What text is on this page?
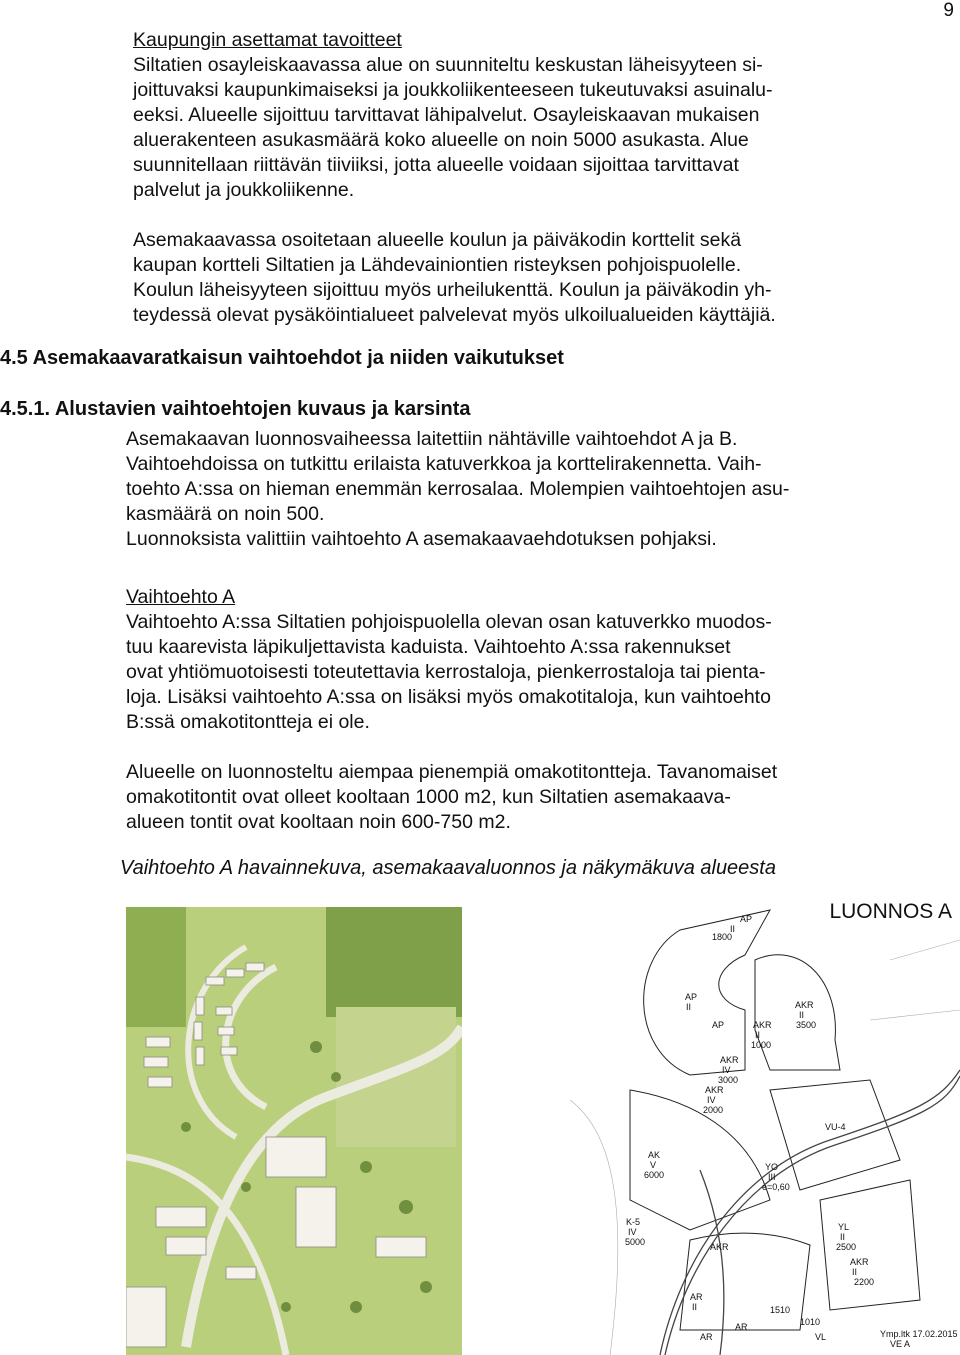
9
Kaupungin asettamat tavoitteet
Siltatien osayleiskaavassa alue on suunniteltu keskustan läheisyyteen si-
joittuvaksi kaupunkimaiseksi ja joukkoliikenteeseen tukeutuvaksi asuinalu-
eeksi. Alueelle sijoittuu tarvittavat lähipalvelut. Osayleiskaavan mukaisen
aluerakenteen asukasmäärä koko alueelle on noin 5000 asukasta. Alue
suunnitellaan riittävän tiiviiksi, jotta alueelle voidaan sijoittaa tarvittavat
palvelut ja joukkoliikenne.
Asemakaavassa osoitetaan alueelle koulun ja päiväkodin korttelit sekä
kaupan kortteli Siltatien ja Lähdevainiontien risteyksen pohjoispuolelle.
Koulun läheisyyteen sijoittuu myös urheilukenttä. Koulun ja päiväkodin yh-
teydessä olevat pysäköintialueet palvelevat myös ulkoilualueiden käyttäjiä.
4.5 Asemakaavaratkaisun vaihtoehdot ja niiden vaikutukset
4.5.1. Alustavien vaihtoehtojen kuvaus ja karsinta
Asemakaavan luonnosvaiheessa laitettiin nähtäville vaihtoehdot A ja B.
Vaihtoehdoissa on tutkittu erilaista katuverkkoa ja korttelirakennetta. Vaih-
toehto A:ssa on hieman enemmän kerrosalaa. Molempien vaihtoehtojen asu-
kasmäärä on noin 500.
Luonnoksista valittiin vaihtoehto A asemakaavaehdotuksen pohjaksi.
Vaihtoehto A
Vaihtoehto A:ssa Siltatien pohjoispuolella olevan osan katuverkko muodos-
tuu kaarevista läpikuljettavista kaduista. Vaihtoehto A:ssa rakennukset
ovat yhtiömuotoisesti toteutettavia kerrostaloja, pienkerrostaloja tai pienta-
loja. Lisäksi vaihtoehto A:ssa on lisäksi myös omakotitaloja, kun vaihtoehto
B:ssä omakotitontteja ei ole.
Alueelle on luonnosteltu aiempaa pienempiä omakotitontteja. Tavanomaiset
omakotitontit ovat olleet kooltaan 1000 m2, kun Siltatien asemakaava-
alueen tontit ovat kooltaan noin 600-750 m2.
Vaihtoehto A havainnekuva, asemakaavaluonnos ja näkymäkuva alueesta
LUONNOS A
AP
II
1800
AP
II	AKR
II
3500
AP	AKR
II
1000
AKR
IV
3000
AKR
IV
2000
VU-4
AK
V
6000
YO
III
e=0,60
K-5
IV
5000	AKR
YL
II
2500
AKR
II
2200
AR
II	1510
AR	1010
AR	VL	Ymp.ltk 17.02.2015
VE A
